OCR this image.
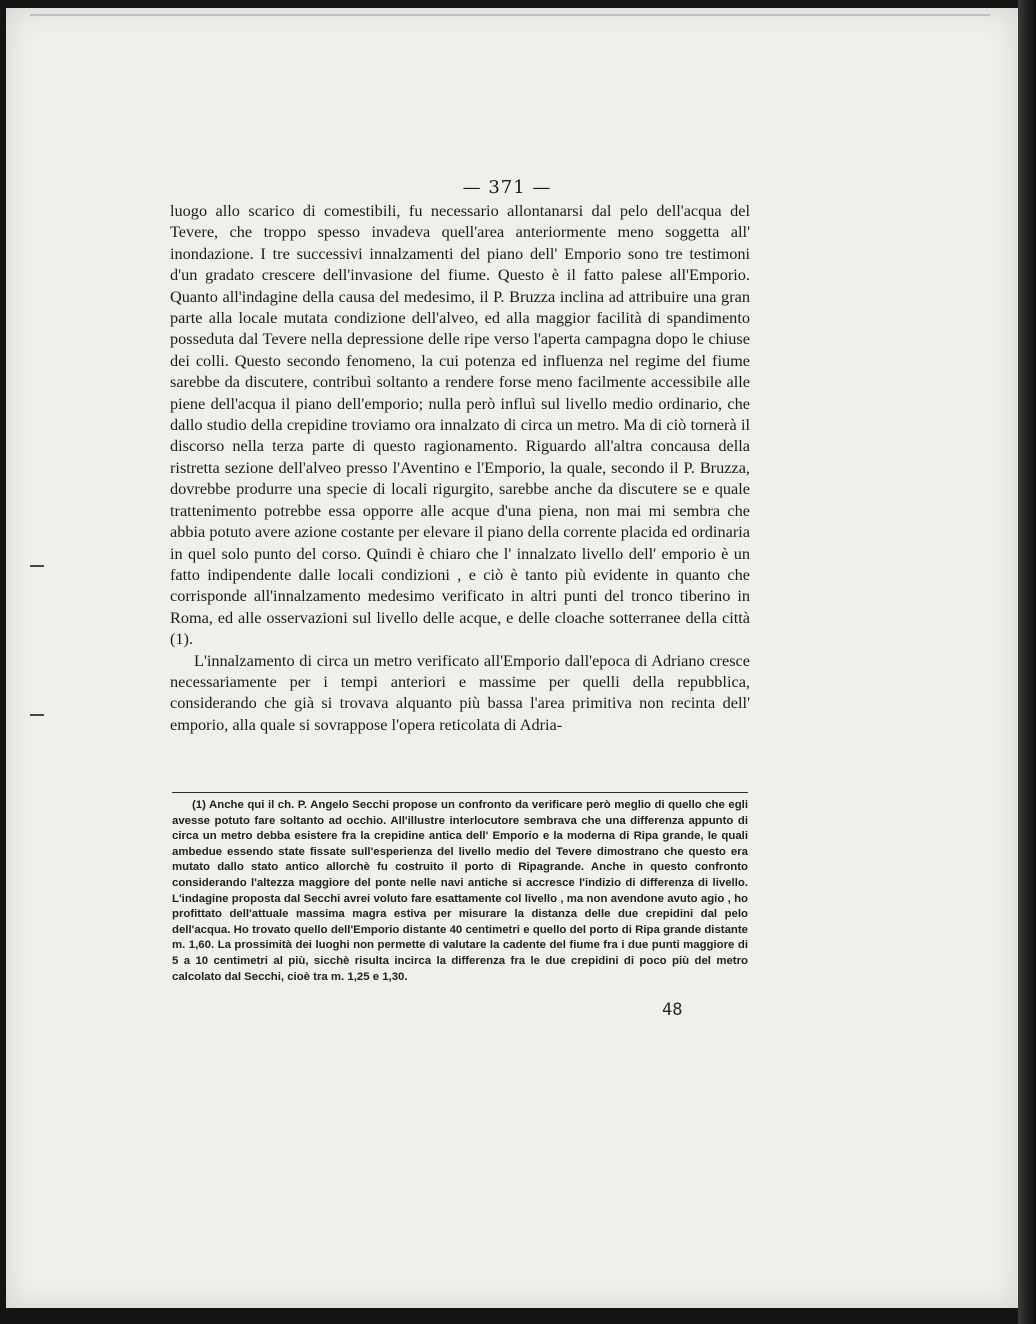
— 371 —

luogo allo scarico di comestibili, fu necessario allontanarsi dal pelo dell'acqua del Tevere, che troppo spesso invadeva quell'area anteriormente meno soggetta all' inondazione. I tre successivi innalzamenti del piano dell' Emporio sono tre testimoni d'un gradato crescere dell'invasione del fiume. Questo è il fatto palese all'Emporio. Quanto all'indagine della causa del medesimo, il P. Bruzza inclina ad attribuire una gran parte alla locale mutata condizione dell'alveo, ed alla maggior facilità di spandimento posseduta dal Tevere nella depressione delle ripe verso l'aperta campagna dopo le chiuse dei colli. Questo secondo fenomeno, la cui potenza ed influenza nel regime del fiume sarebbe da discutere, contribuì soltanto a rendere forse meno facilmente accessibile alle piene dell'acqua il piano dell'emporio; nulla però influì sul livello medio ordinario, che dallo studio della crepidine troviamo ora innalzato di circa un metro. Ma di ciò tornerà il discorso nella terza parte di questo ragionamento. Riguardo all'altra concausa della ristretta sezione dell'alveo presso l'Aventino e l'Emporio, la quale, secondo il P. Bruzza, dovrebbe produrre una specie di locali rigurgito, sarebbe anche da discutere se e quale trattenimento potrebbe essa opporre alle acque d'una piena, non mai mi sembra che abbia potuto avere azione costante per elevare il piano della corrente placida ed ordinaria in quel solo punto del corso. Quindi è chiaro che l' innalzato livello dell' emporio è un fatto indipendente dalle locali condizioni , e ciò è tanto più evidente in quanto che corrisponde all'innalzamento medesimo verificato in altri punti del tronco tiberino in Roma, ed alle osservazioni sul livello delle acque, e delle cloache sotterranee della città (1).

L'innalzamento di circa un metro verificato all'Emporio dall'epoca di Adriano cresce necessariamente per i tempi anteriori e massime per quelli della repubblica, considerando che già si trovava alquanto più bassa l'area primitiva non recinta dell' emporio, alla quale si sovrappose l'opera reticolata di Adria-

(1) Anche qui il ch. P. Angelo Secchi propose un confronto da verificare però meglio di quello che egli avesse potuto fare soltanto ad occhio. All'illustre interlocutore sembrava che una differenza appunto di circa un metro debba esistere fra la crepidine antica dell' Emporio e la moderna di Ripa grande, le quali ambedue essendo state fissate sull'esperienza del livello medio del Tevere dimostrano che questo era mutato dallo stato antico allorchè fu costruito il porto di Ripagrande. Anche in questo confronto considerando l'altezza maggiore del ponte nelle navi antiche si accresce l'indizio di differenza di livello. L'indagine proposta dal Secchi avrei voluto fare esattamente col livello , ma non avendone avuto agio , ho profittato dell'attuale massima magra estiva per misurare la distanza delle due crepidini dal pelo dell'acqua. Ho trovato quello dell'Emporio distante 40 centimetri e quello del porto di Ripa grande distante m. 1,60. La prossimità dei luoghi non permette di valutare la cadente del fiume fra i due punti maggiore di 5 a 10 centimetri al più, sicchè risulta incirca la differenza fra le due crepidini di poco più del metro calcolato dal Secchi, cioè tra m. 1,25 e 1,30.

48
